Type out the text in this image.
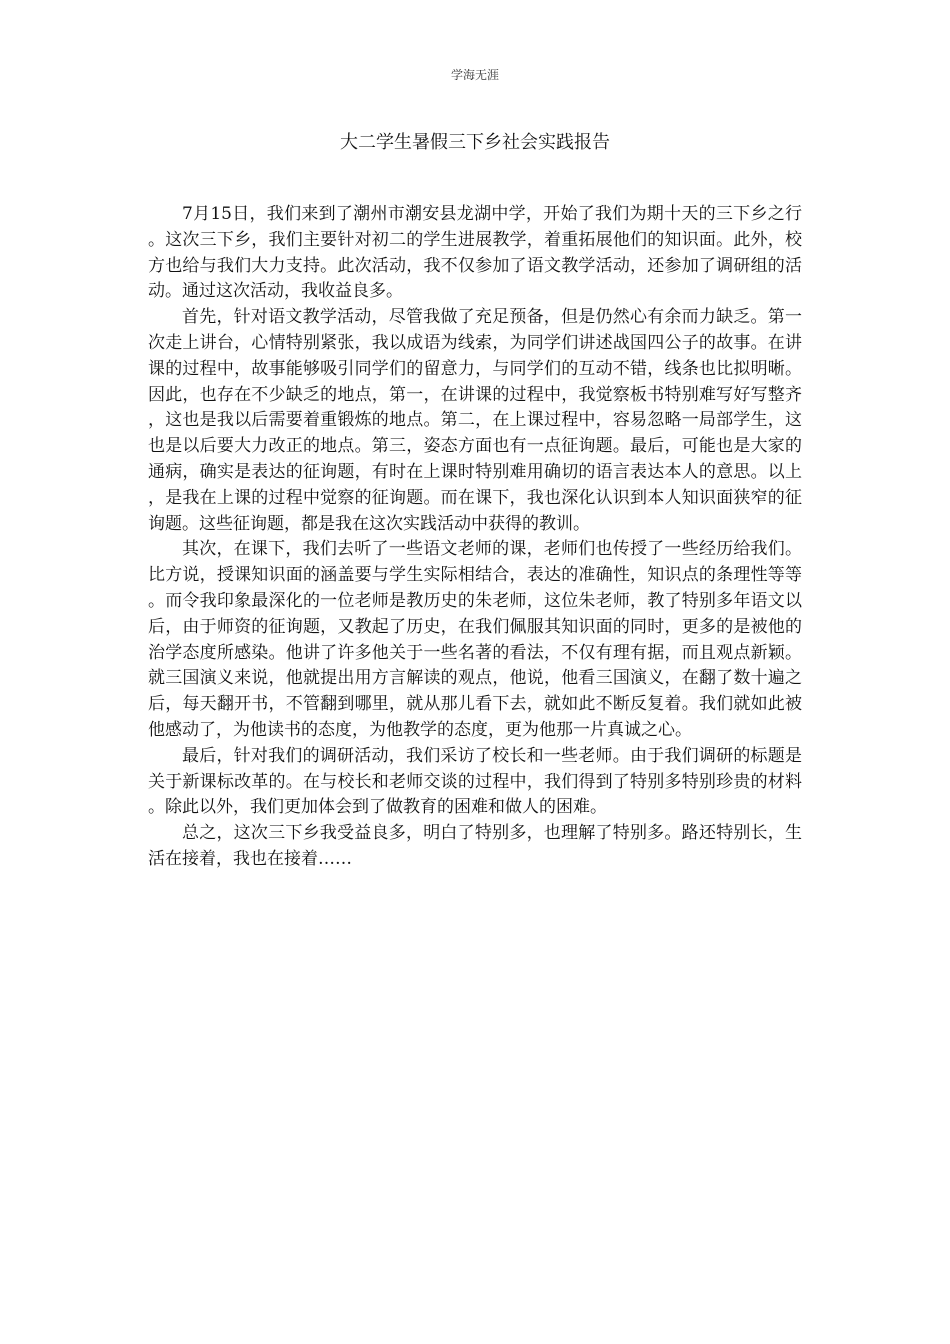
学海无涯
大二学生暑假三下乡社会实践报告

7月15日，我们来到了潮州市潮安县龙湖中学，开始了我们为期十天的三下乡之行。这次三下乡，我们主要针对初二的学生进展教学，着重拓展他们的知识面。此外，校方也给与我们大力支持。此次活动，我不仅参加了语文教学活动，还参加了调研组的活动。通过这次活动，我收益良多。

首先，针对语文教学活动，尽管我做了充足预备，但是仍然心有余而力缺乏。第一次走上讲台，心情特别紧张，我以成语为线索，为同学们讲述战国四公子的故事。在讲课的过程中，故事能够吸引同学们的留意力，与同学们的互动不错，线条也比拟明晰。因此，也存在不少缺乏的地点，第一，在讲课的过程中，我觉察板书特别难写好写整齐，这也是我以后需要着重锻炼的地点。第二，在上课过程中，容易忽略一局部学生，这也是以后要大力改正的地点。第三，姿态方面也有一点征询题。最后，可能也是大家的通病，确实是表达的征询题，有时在上课时特别难用确切的语言表达本人的意思。以上，是我在上课的过程中觉察的征询题。而在课下，我也深化认识到本人知识面狭窄的征询题。这些征询题，都是我在这次实践活动中获得的教训。

其次，在课下，我们去听了一些语文老师的课，老师们也传授了一些经历给我们。比方说，授课知识面的涵盖要与学生实际相结合，表达的准确性，知识点的条理性等等。而令我印象最深化的一位老师是教历史的朱老师，这位朱老师，教了特别多年语文以后，由于师资的征询题，又教起了历史，在我们佩服其知识面的同时，更多的是被他的治学态度所感染。他讲了许多他关于一些名著的看法，不仅有理有据，而且观点新颖。就三国演义来说，他就提出用方言解读的观点，他说，他看三国演义，在翻了数十遍之后，每天翻开书，不管翻到哪里，就从那儿看下去，就如此不断反复着。我们就如此被他感动了，为他读书的态度，为他教学的态度，更为他那一片真诚之心。

最后，针对我们的调研活动，我们采访了校长和一些老师。由于我们调研的标题是关于新课标改革的。在与校长和老师交谈的过程中，我们得到了特别多特别珍贵的材料。除此以外，我们更加体会到了做教育的困难和做人的困难。

总之，这次三下乡我受益良多，明白了特别多，也理解了特别多。路还特别长，生活在接着，我也在接着……
